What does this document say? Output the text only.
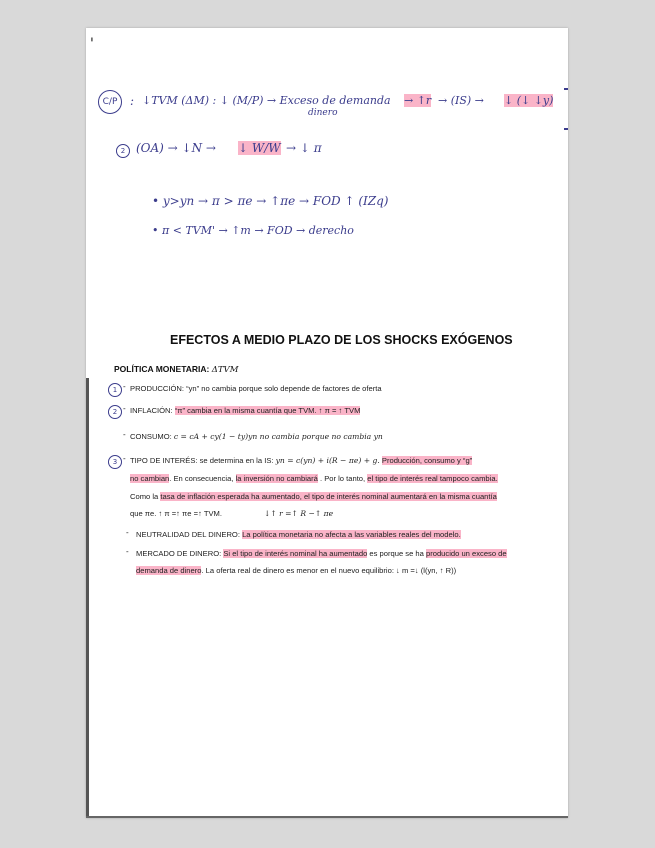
'
C/P	: ↓TVM (ΔM) : ↓ (M/P) → Exceso de demanda
dinero
→ ↑r → (IS) → ↓ (↓ ↓y)
2 (OA) → ↓N → ↓ W/W → ↓ π
• y>yn → π > πe → ↑πe → FOD ↑ (IZq)
• π < TVM' → ↑m → FOD → derecho
EFECTOS A MEDIO PLAZO DE LOS SHOCKS EXÓGENOS
POLÍTICA MONETARIA: ΔTVM
1 - PRODUCCIÓN: “yn” no cambia porque solo depende de factores de oferta
2 - INFLACIÓN: “π” cambia en la misma cuantía que TVM. ↑ π = ↑ TVM
- CONSUMO: c = cA + cy(1 − ty)yn no cambia porque no cambia yn
3 - TIPO DE INTERÉS: se determina en la IS: yn = c(yn) + i(R − πe) + g. Producción, consumo y “g”
no cambian. En consecuencia, la inversión no cambiará . Por lo tanto, el tipo de interés real tampoco cambia.
Como la tasa de inflación esperada ha aumentado, el tipo de interés nominal aumentará en la misma cuantía
que πe. ↑ π =↑ πe =↑ TVM.	↓↑ r =↑ R −↑ πe
- NEUTRALIDAD DEL DINERO: La política monetaria no afecta a las variables reales del modelo.
- MERCADO DE DINERO: Si el tipo de interés nominal ha aumentado es porque se ha producido un exceso de
demanda de dinero. La oferta real de dinero es menor en el nuevo equilibrio: ↓ m =↓ (l(yn, ↑ R))
